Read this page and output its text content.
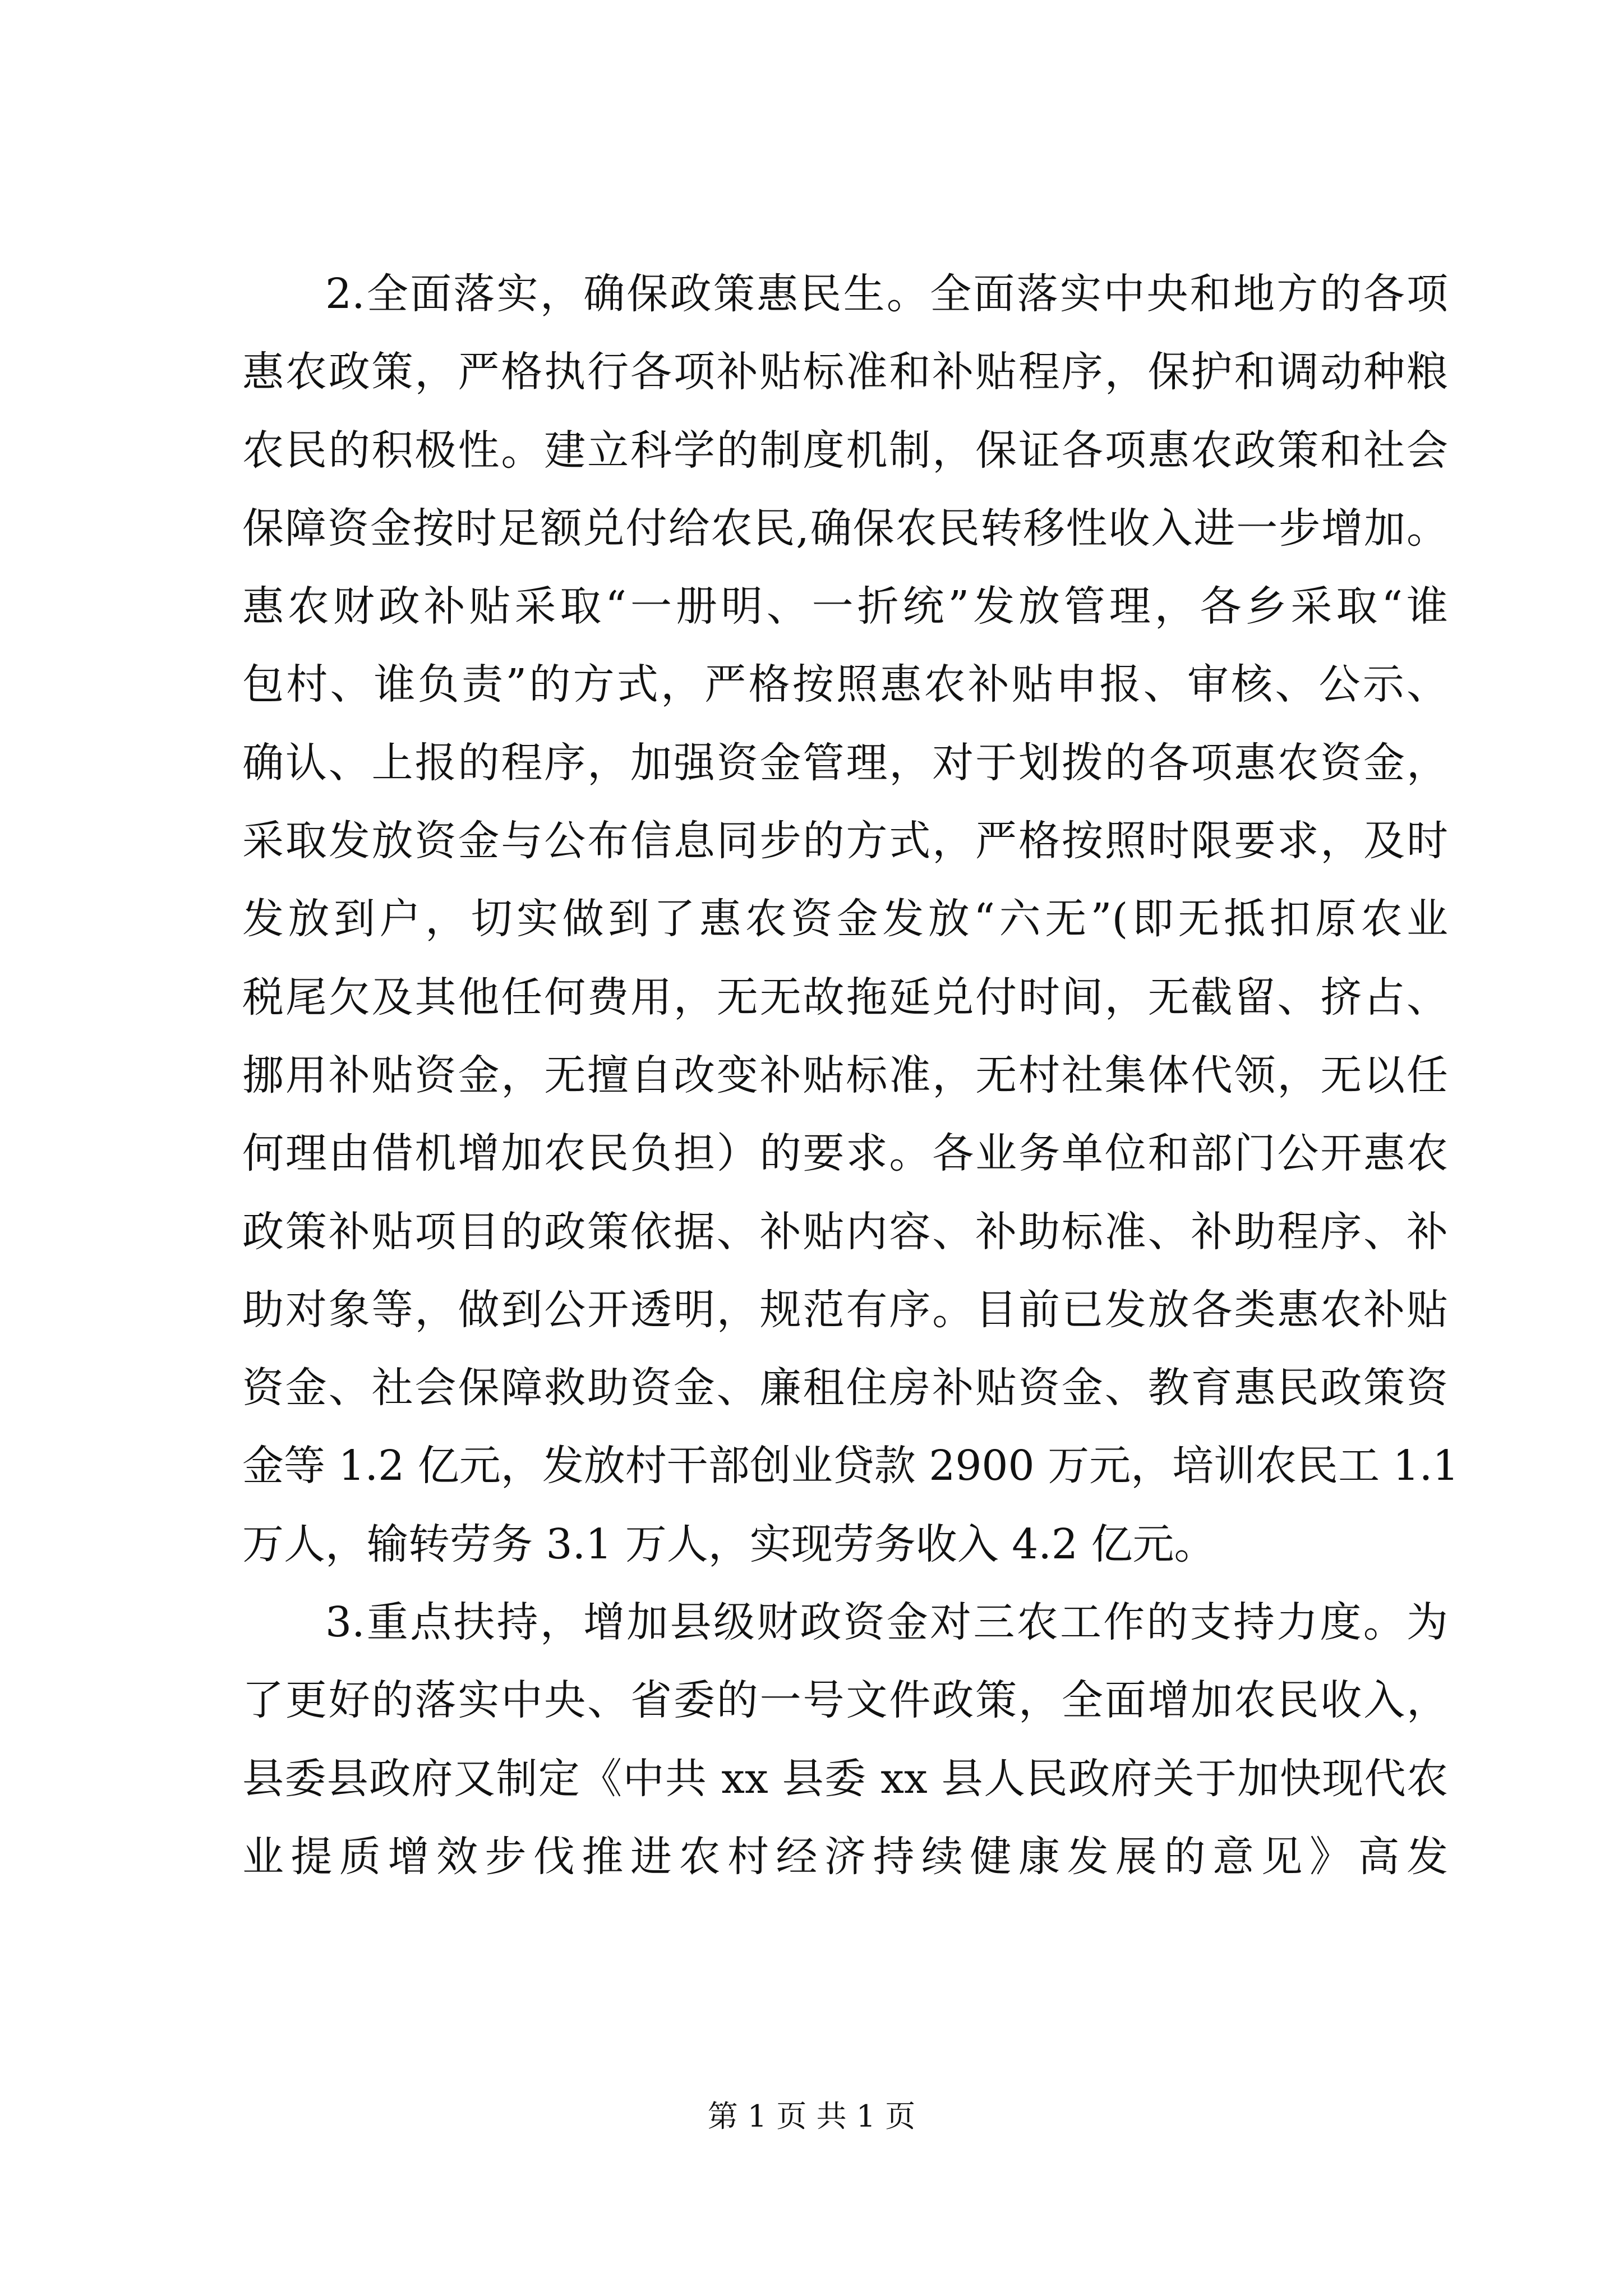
2.全面落实，确保政策惠民生。全面落实中央和地方的各项
惠农政策，严格执行各项补贴标准和补贴程序，保护和调动种粮
农民的积极性。建立科学的制度机制，保证各项惠农政策和社会
保障资金按时足额兑付给农民,确保农民转移性收入进一步增加。
惠农财政补贴采取“一册明、一折统”发放管理，各乡采取“谁
包村、谁负责”的方式，严格按照惠农补贴申报、审核、公示、
确认、上报的程序，加强资金管理，对于划拨的各项惠农资金，
采取发放资金与公布信息同步的方式，严格按照时限要求，及时
发放到户，切实做到了惠农资金发放“六无”(即无抵扣原农业
税尾欠及其他任何费用，无无故拖延兑付时间，无截留、挤占、
挪用补贴资金，无擅自改变补贴标准，无村社集体代领，无以任
何理由借机增加农民负担）的要求。各业务单位和部门公开惠农
政策补贴项目的政策依据、补贴内容、补助标准、补助程序、补
助对象等，做到公开透明，规范有序。目前已发放各类惠农补贴
资金、社会保障救助资金、廉租住房补贴资金、教育惠民政策资
金等 1.2 亿元，发放村干部创业贷款 2900 万元，培训农民工 1.1
万人，输转劳务 3.1 万人，实现劳务收入 4.2 亿元。
3.重点扶持，增加县级财政资金对三农工作的支持力度。为
了更好的落实中央、省委的一号文件政策，全面增加农民收入，
县委县政府又制定《中共 xx 县委 xx 县人民政府关于加快现代农
业提质增效步伐推进农村经济持续健康发展的意见》高发
第 1 页 共 1 页
